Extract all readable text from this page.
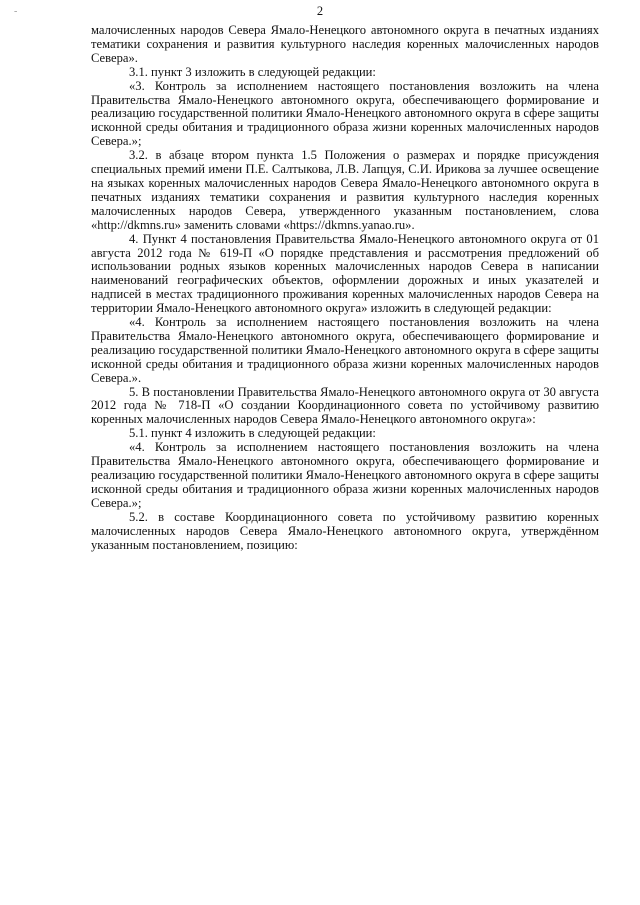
-	2

малочисленных народов Севера Ямало-Ненецкого автономного округа в печатных изданиях тематики сохранения и развития культурного наследия коренных малочисленных народов Севера».

3.1. пункт 3 изложить в следующей редакции:

«3. Контроль за исполнением настоящего постановления возложить на члена Правительства Ямало-Ненецкого автономного округа, обеспечивающего формирование и реализацию государственной политики Ямало-Ненецкого автономного округа в сфере защиты исконной среды обитания и традиционного образа жизни коренных малочисленных народов Севера.»;

3.2. в абзаце втором пункта 1.5 Положения о размерах и порядке присуждения специальных премий имени П.Е. Салтыкова, Л.В. Лапцуя, С.И. Ирикова за лучшее освещение на языках коренных малочисленных народов Севера Ямало-Ненецкого автономного округа в печатных изданиях тематики сохранения и развития культурного наследия коренных малочисленных народов Севера, утвержденного указанным постановлением, слова «http://dkmns.ru» заменить словами «https://dkmns.yanao.ru».

4. Пункт 4 постановления Правительства Ямало-Ненецкого автономного округа от 01 августа 2012 года № 619-П «О порядке представления и рассмотрения предложений об использовании родных языков коренных малочисленных народов Севера в написании наименований географических объектов, оформлении дорожных и иных указателей и надписей в местах традиционного проживания коренных малочисленных народов Севера на территории Ямало-Ненецкого автономного округа» изложить в следующей редакции:

«4. Контроль за исполнением настоящего постановления возложить на члена Правительства Ямало-Ненецкого автономного округа, обеспечивающего формирование и реализацию государственной политики Ямало-Ненецкого автономного округа в сфере защиты исконной среды обитания и традиционного образа жизни коренных малочисленных народов Севера.».

5. В постановлении Правительства Ямало-Ненецкого автономного округа от 30 августа 2012 года № 718-П «О создании Координационного совета по устойчивому развитию коренных малочисленных народов Севера Ямало-Ненецкого автономного округа»:

5.1. пункт 4 изложить в следующей редакции:

«4. Контроль за исполнением настоящего постановления возложить на члена Правительства Ямало-Ненецкого автономного округа, обеспечивающего формирование и реализацию государственной политики Ямало-Ненецкого автономного округа в сфере защиты исконной среды обитания и традиционного образа жизни коренных малочисленных народов Севера.»;

5.2. в составе Координационного совета по устойчивому развитию коренных малочисленных народов Севера Ямало-Ненецкого автономного округа, утверждённом указанным постановлением, позицию:
